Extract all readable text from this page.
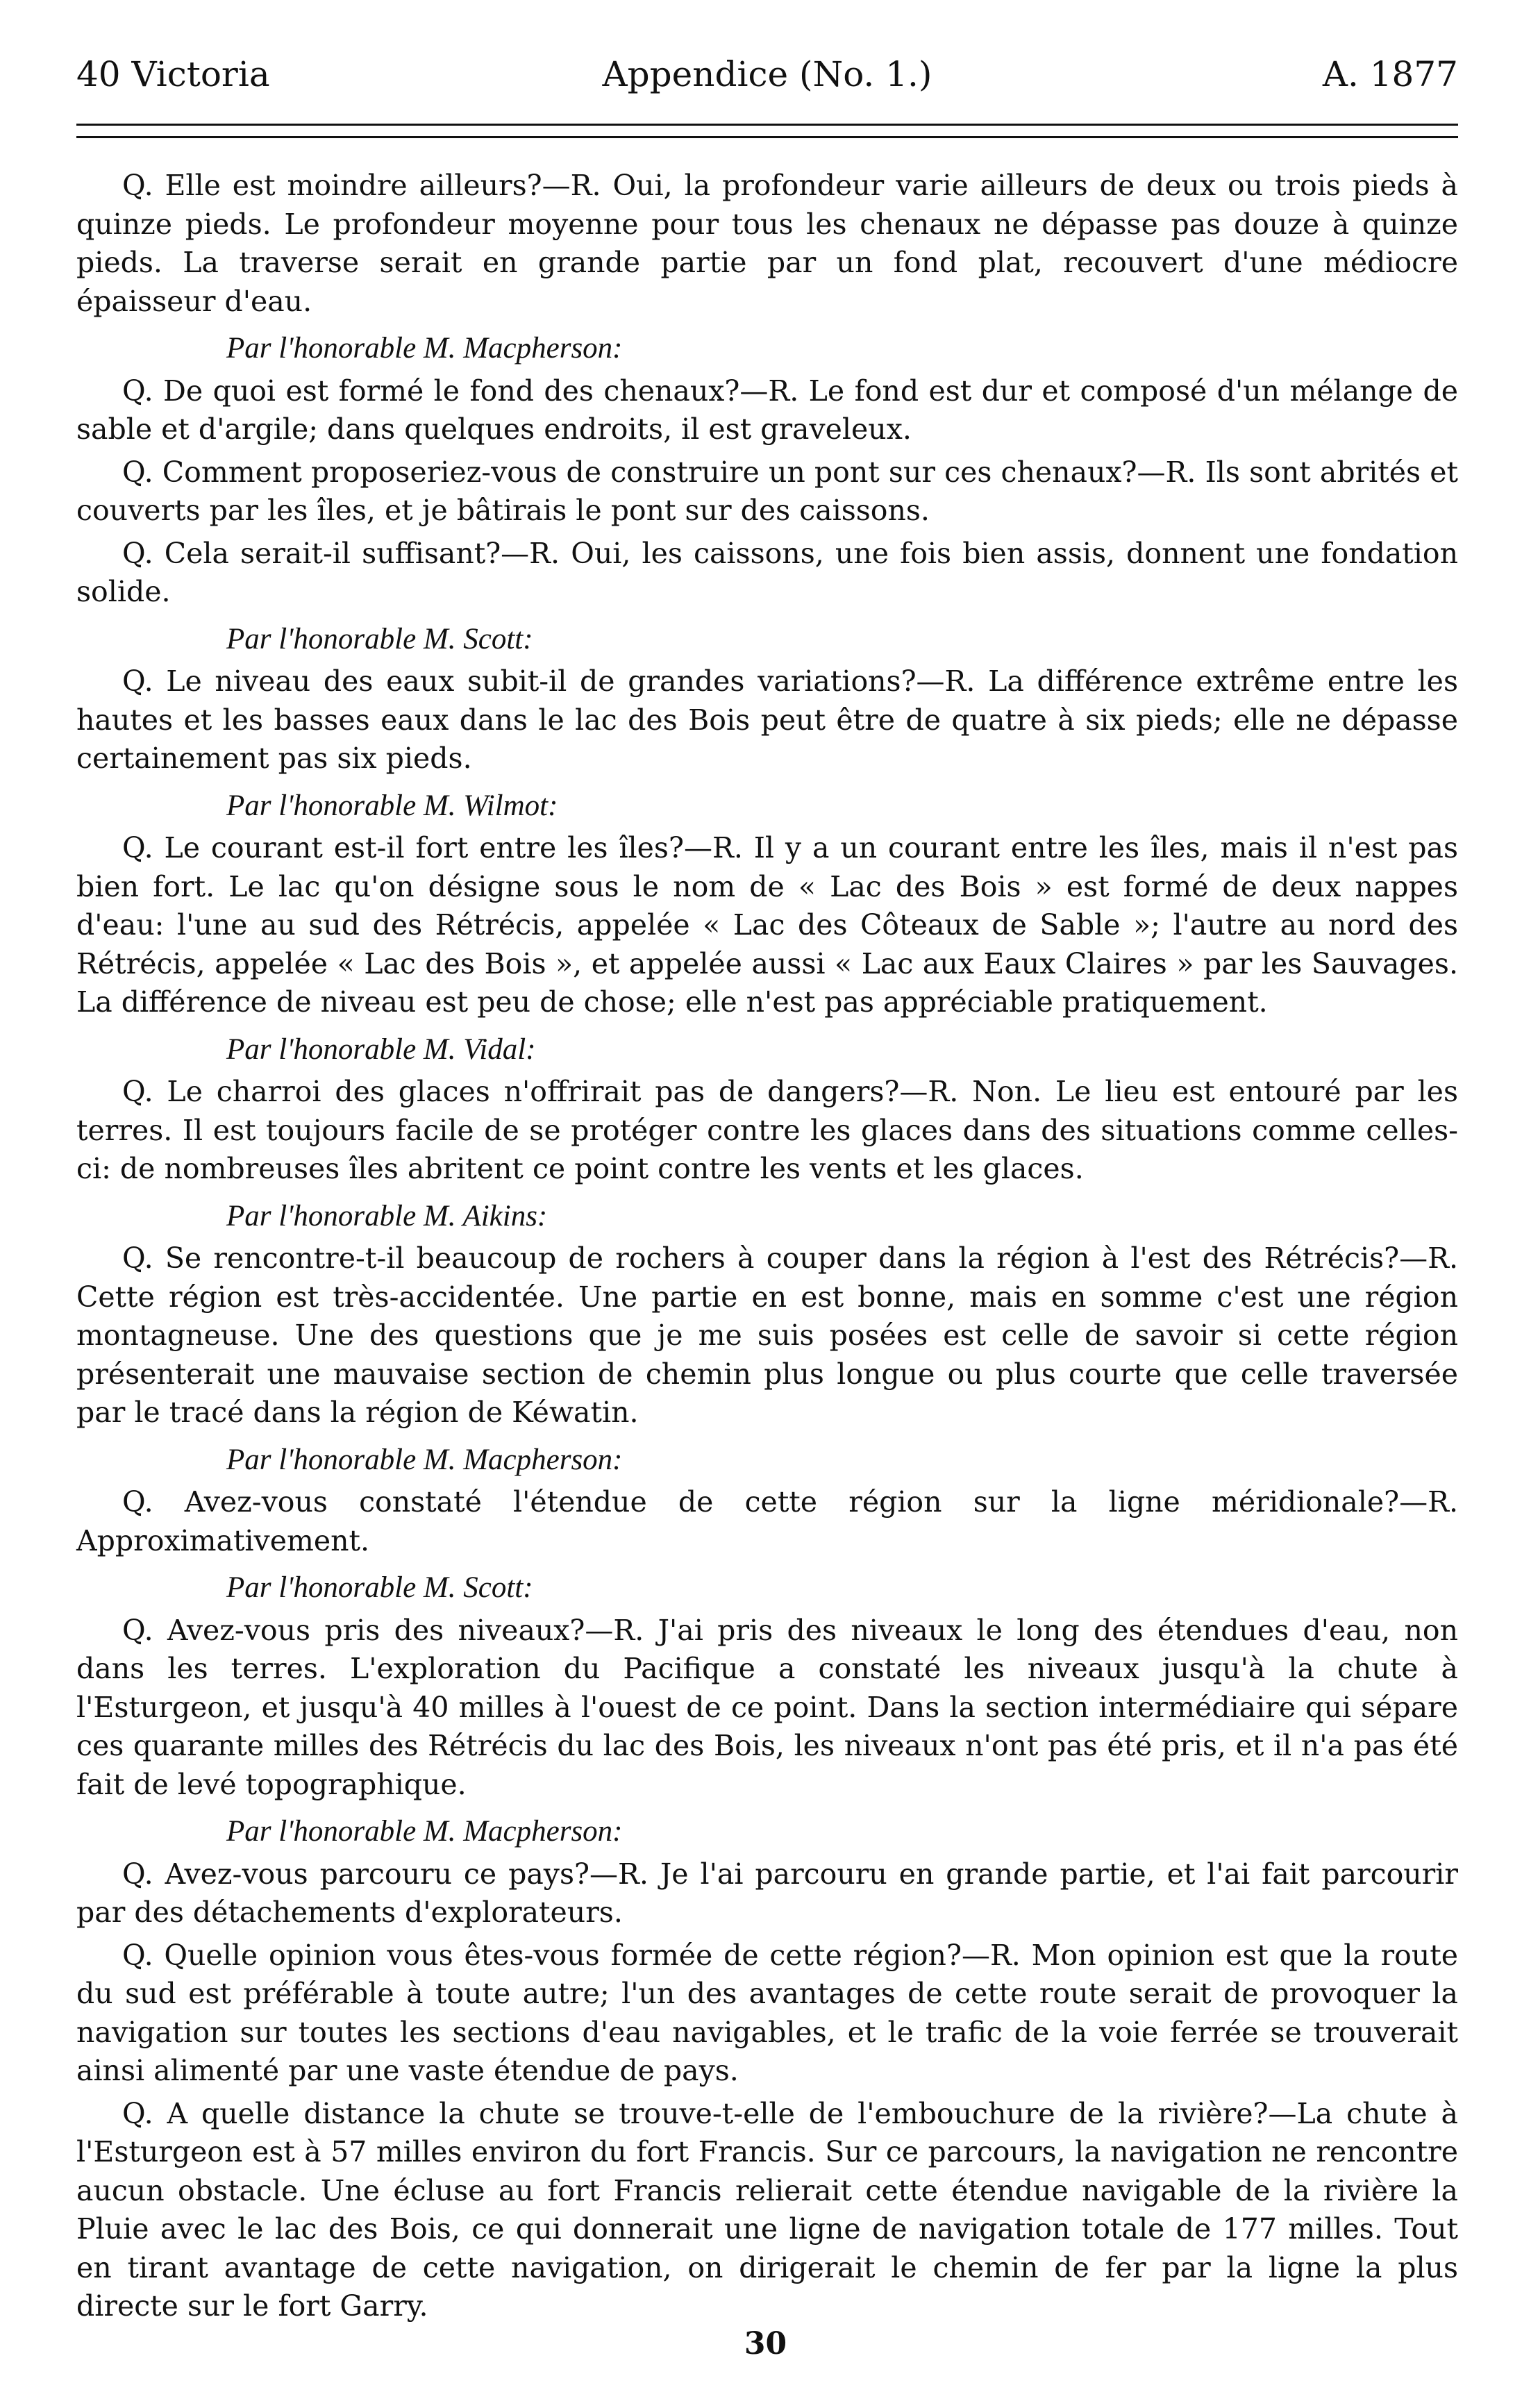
40 Victoria	Appendice (No. 1.)	A. 1877

Q. Elle est moindre ailleurs?—R. Oui, la profondeur varie ailleurs de deux ou trois pieds à quinze pieds. Le profondeur moyenne pour tous les chenaux ne dépasse pas douze à quinze pieds. La traverse serait en grande partie par un fond plat, recouvert d'une médiocre épaisseur d'eau.

Par l'honorable M. Macpherson:

Q. De quoi est formé le fond des chenaux?—R. Le fond est dur et composé d'un mélange de sable et d'argile; dans quelques endroits, il est graveleux.

Q. Comment proposeriez-vous de construire un pont sur ces chenaux?—R. Ils sont abrités et couverts par les îles, et je bâtirais le pont sur des caissons.

Q. Cela serait-il suffisant?—R. Oui, les caissons, une fois bien assis, donnent une fondation solide.

Par l'honorable M. Scott:

Q. Le niveau des eaux subit-il de grandes variations?—R. La différence extrême entre les hautes et les basses eaux dans le lac des Bois peut être de quatre à six pieds; elle ne dépasse certainement pas six pieds.

Par l'honorable M. Wilmot:

Q. Le courant est-il fort entre les îles?—R. Il y a un courant entre les îles, mais il n'est pas bien fort. Le lac qu'on désigne sous le nom de « Lac des Bois » est formé de deux nappes d'eau: l'une au sud des Rétrécis, appelée « Lac des Côteaux de Sable »; l'autre au nord des Rétrécis, appelée « Lac des Bois », et appelée aussi « Lac aux Eaux Claires » par les Sauvages. La différence de niveau est peu de chose; elle n'est pas appréciable pratiquement.

Par l'honorable M. Vidal:

Q. Le charroi des glaces n'offrirait pas de dangers?—R. Non. Le lieu est entouré par les terres. Il est toujours facile de se protéger contre les glaces dans des situations comme celles-ci: de nombreuses îles abritent ce point contre les vents et les glaces.

Par l'honorable M. Aikins:

Q. Se rencontre-t-il beaucoup de rochers à couper dans la région à l'est des Rétrécis?—R. Cette région est très-accidentée. Une partie en est bonne, mais en somme c'est une région montagneuse. Une des questions que je me suis posées est celle de savoir si cette région présenterait une mauvaise section de chemin plus longue ou plus courte que celle traversée par le tracé dans la région de Kéwatin.

Par l'honorable M. Macpherson:

Q. Avez-vous constaté l'étendue de cette région sur la ligne méridionale?—R. Approximativement.

Par l'honorable M. Scott:

Q. Avez-vous pris des niveaux?—R. J'ai pris des niveaux le long des étendues d'eau, non dans les terres. L'exploration du Pacifique a constaté les niveaux jusqu'à la chute à l'Esturgeon, et jusqu'à 40 milles à l'ouest de ce point. Dans la section intermédiaire qui sépare ces quarante milles des Rétrécis du lac des Bois, les niveaux n'ont pas été pris, et il n'a pas été fait de levé topographique.

Par l'honorable M. Macpherson:

Q. Avez-vous parcouru ce pays?—R. Je l'ai parcouru en grande partie, et l'ai fait parcourir par des détachements d'explorateurs.

Q. Quelle opinion vous êtes-vous formée de cette région?—R. Mon opinion est que la route du sud est préférable à toute autre; l'un des avantages de cette route serait de provoquer la navigation sur toutes les sections d'eau navigables, et le trafic de la voie ferrée se trouverait ainsi alimenté par une vaste étendue de pays.

Q. A quelle distance la chute se trouve-t-elle de l'embouchure de la rivière?—La chute à l'Esturgeon est à 57 milles environ du fort Francis. Sur ce parcours, la navigation ne rencontre aucun obstacle. Une écluse au fort Francis relierait cette étendue navigable de la rivière la Pluie avec le lac des Bois, ce qui donnerait une ligne de navigation totale de 177 milles. Tout en tirant avantage de cette navigation, on dirigerait le chemin de fer par la ligne la plus directe sur le fort Garry.

30
